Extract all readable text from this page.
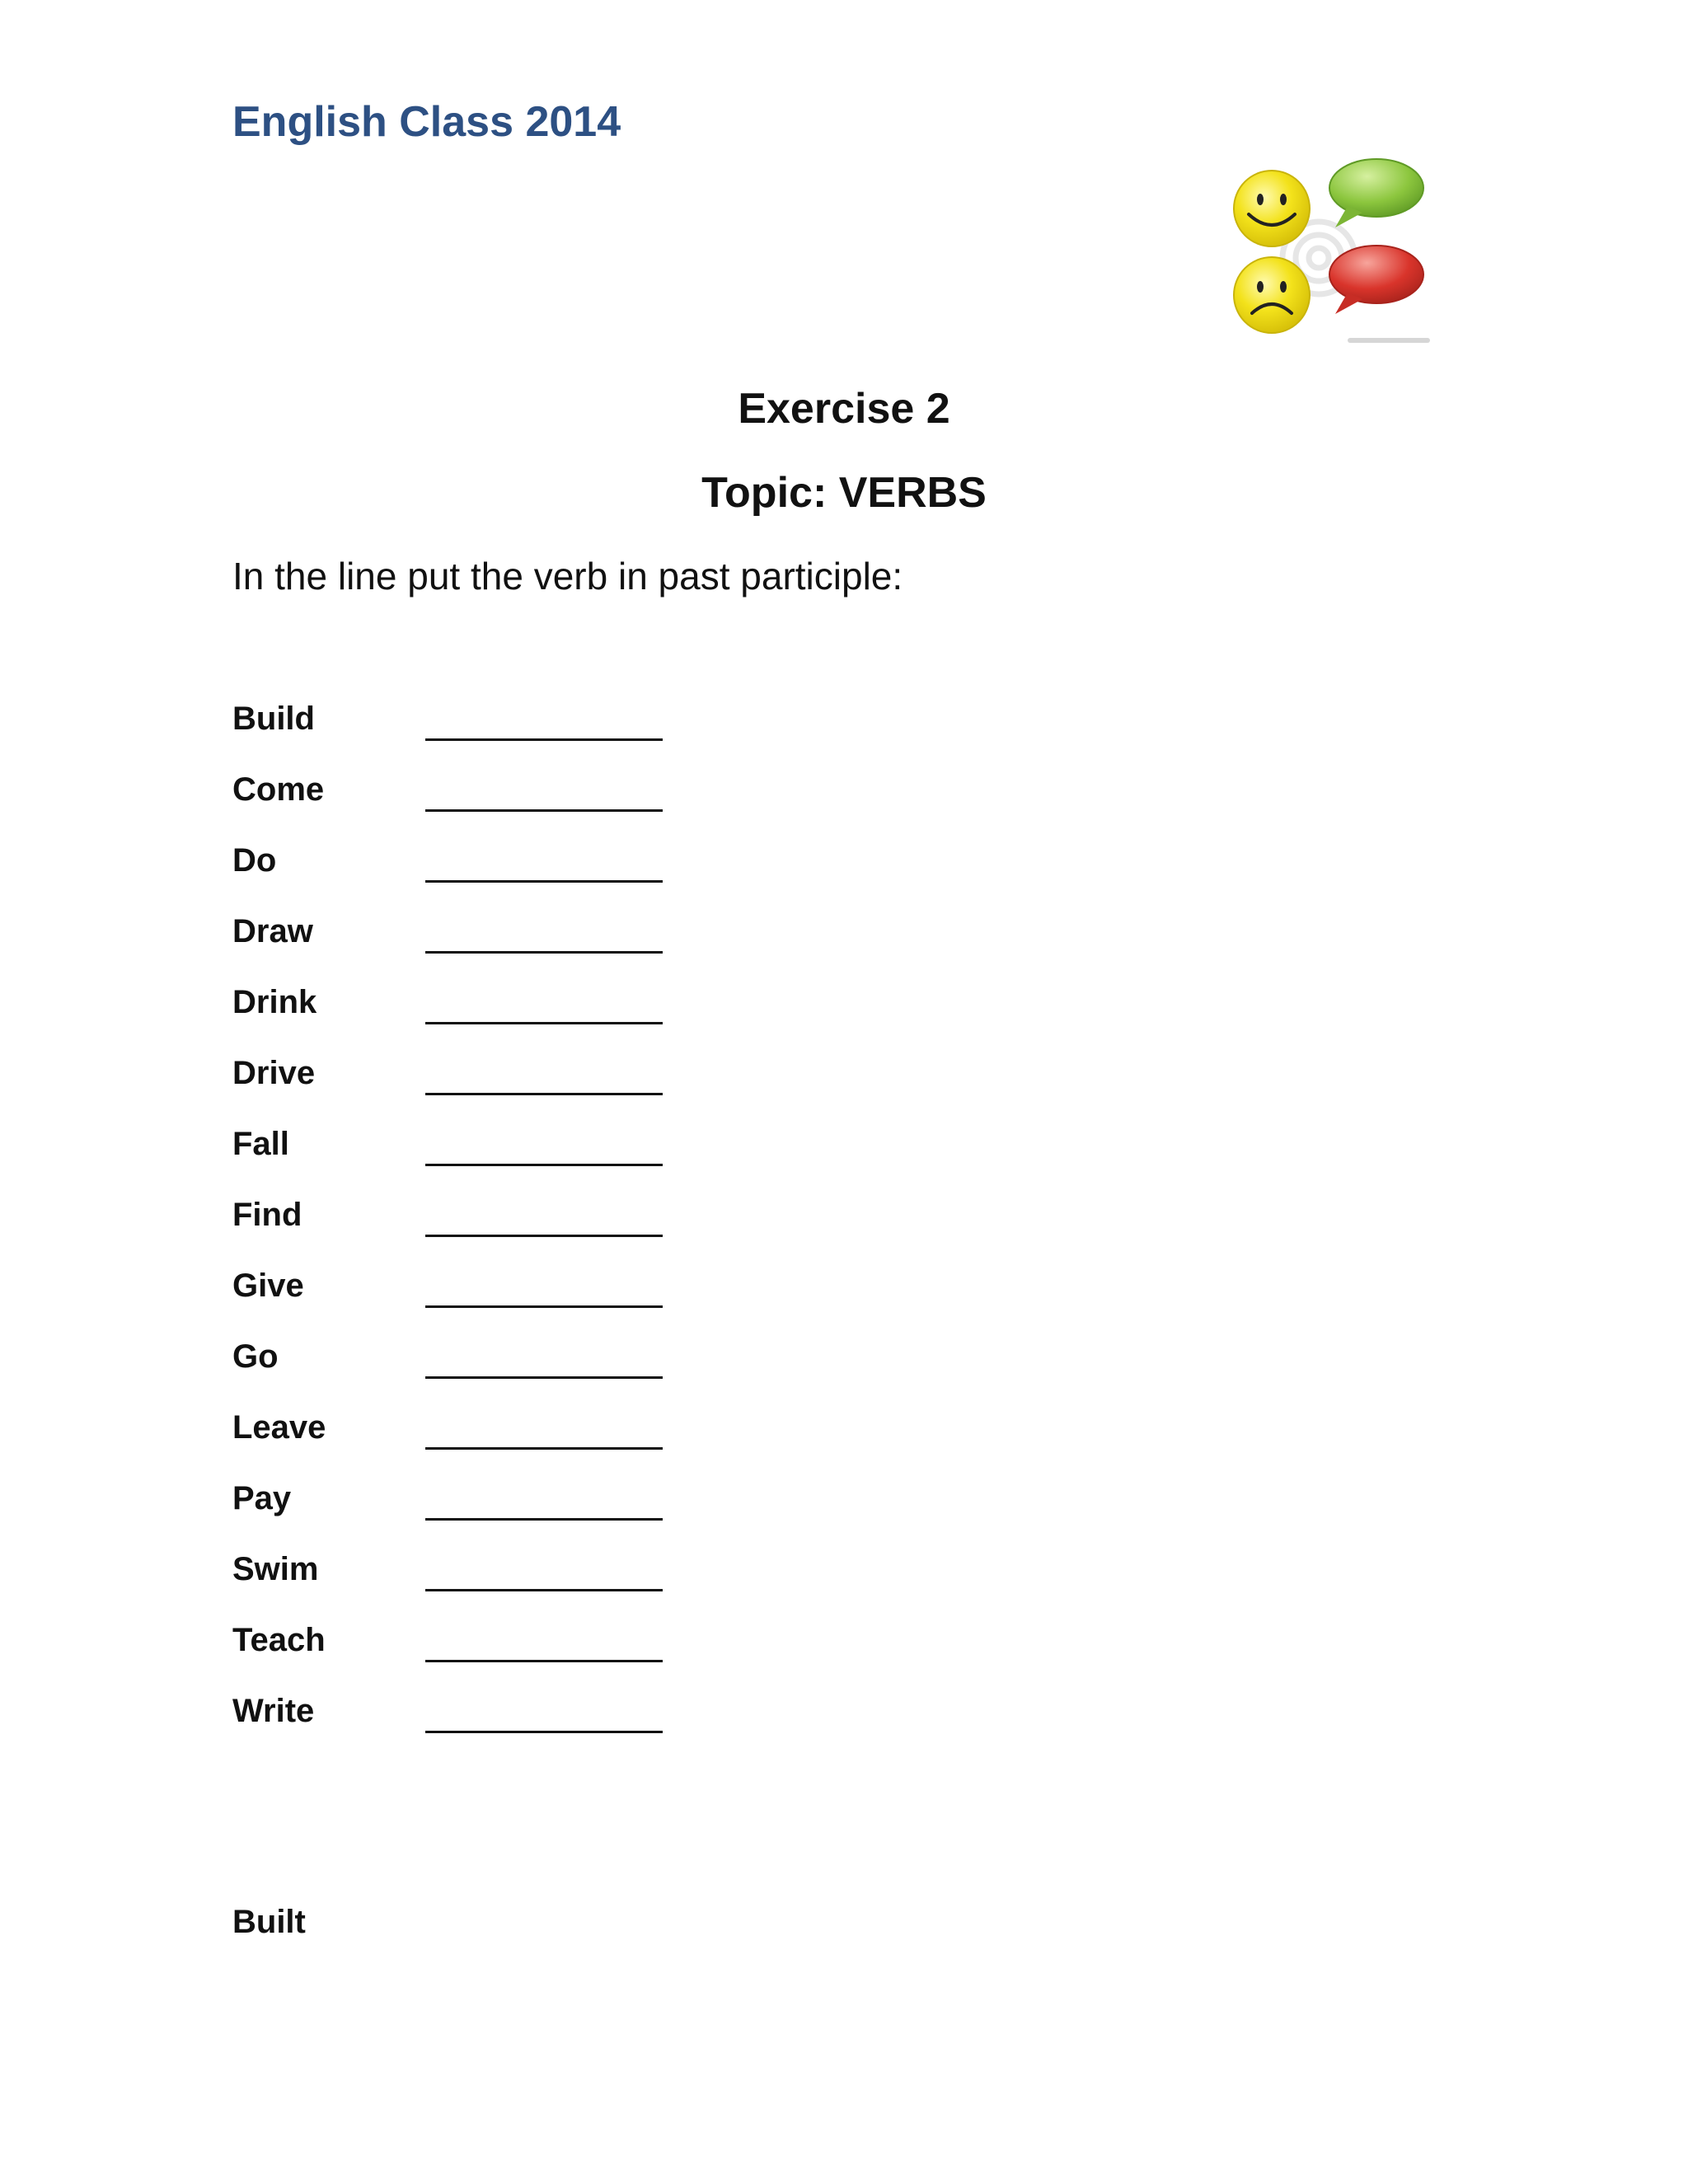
English Class 2014
Exercise 2
Topic: VERBS
In the line put the verb in past participle:
Build
Come
Do
Draw
Drink
Drive
Fall
Find
Give
Go
Leave
Pay
Swim
Teach
Write
Built
